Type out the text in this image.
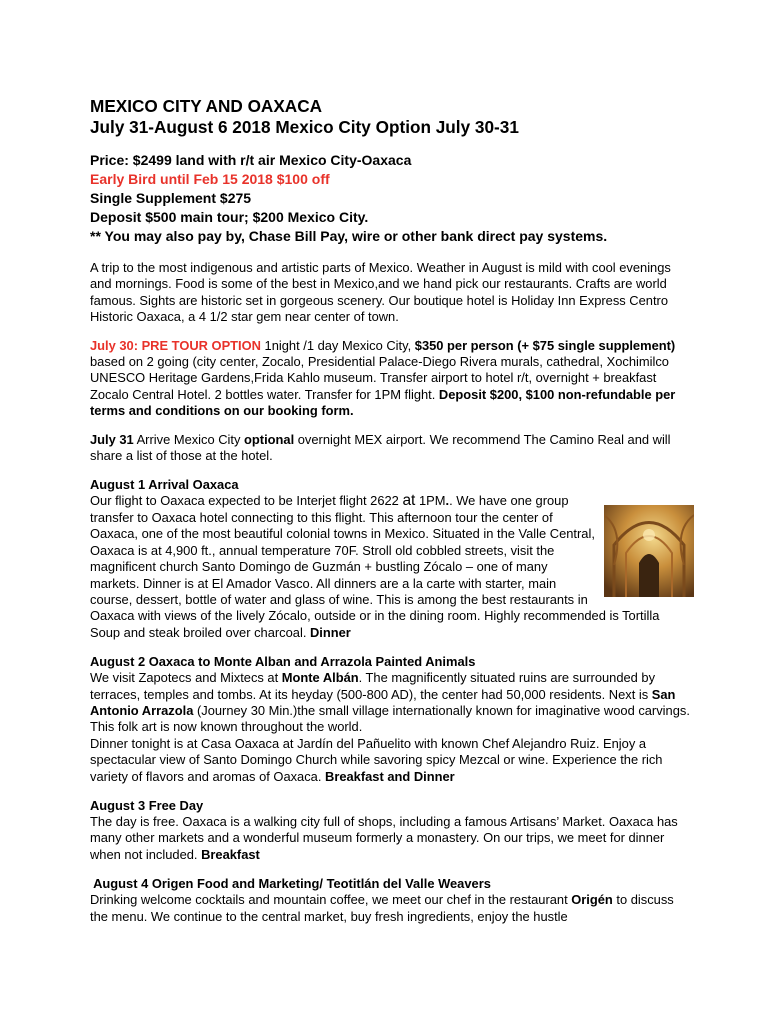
MEXICO CITY AND OAXACA
July 31-August 6 2018 Mexico City Option July 30-31
Price: $2499 land with r/t air Mexico City-Oaxaca
Early Bird until Feb 15 2018 $100 off
Single Supplement $275
Deposit $500 main tour; $200 Mexico City.
** You may also pay by, Chase Bill Pay, wire or other bank direct pay systems.
A trip to the most indigenous and artistic parts of Mexico. Weather in August is mild with cool evenings and mornings. Food is some of the best in Mexico,and we hand pick our restaurants. Crafts are world famous. Sights are historic set in gorgeous scenery. Our boutique hotel is Holiday Inn Express Centro Historic Oaxaca, a 4 1/2 star gem near center of town.
July 30: PRE TOUR OPTION 1night /1 day Mexico City, $350 per person (+ $75 single supplement) based on 2 going (city center, Zocalo, Presidential Palace-Diego Rivera murals, cathedral, Xochimilco UNESCO Heritage Gardens,Frida Kahlo museum. Transfer airport to hotel r/t, overnight + breakfast Zocalo Central Hotel. 2 bottles water. Transfer for 1PM flight. Deposit $200, $100 non-refundable per terms and conditions on our booking form.
July 31 Arrive Mexico City optional overnight MEX airport. We recommend The Camino Real and will share a list of those at the hotel.
August 1 Arrival Oaxaca
Our flight to Oaxaca expected to be Interjet flight 2622 at 1PM.. We have one group transfer to Oaxaca hotel connecting to this flight. This afternoon tour the center of Oaxaca, one of the most beautiful colonial towns in Mexico. Situated in the Valle Central, Oaxaca is at 4,900 ft., annual temperature 70F. Stroll old cobbled streets, visit the magnificent church Santo Domingo de Guzmán + bustling Zócalo – one of many markets. Dinner is at El Amador Vasco. All dinners are a la carte with starter, main course, dessert, bottle of water and glass of wine. This is among the best restaurants in Oaxaca with views of the lively Zócalo, outside or in the dining room. Highly recommended is Tortilla Soup and steak broiled over charcoal. Dinner
August 2 Oaxaca to Monte Alban and Arrazola Painted Animals
We visit Zapotecs and Mixtecs at Monte Albán. The magnificently situated ruins are surrounded by terraces, temples and tombs. At its heyday (500-800 AD), the center had 50,000 residents. Next is San Antonio Arrazola (Journey 30 Min.)the small village internationally known for imaginative wood carvings. This folk art is now known throughout the world.
Dinner tonight is at Casa Oaxaca at Jardín del Pañuelito with known Chef Alejandro Ruiz. Enjoy a spectacular view of Santo Domingo Church while savoring spicy Mezcal or wine. Experience the rich variety of flavors and aromas of Oaxaca. Breakfast and Dinner
August 3 Free Day
The day is free. Oaxaca is a walking city full of shops, including a famous Artisans’ Market. Oaxaca has many other markets and a wonderful museum formerly a monastery. On our trips, we meet for dinner when not included. Breakfast
August 4 Origen Food and Marketing/ Teotitlán del Valle Weavers
Drinking welcome cocktails and mountain coffee, we meet our chef in the restaurant Origén to discuss the menu. We continue to the central market, buy fresh ingredients, enjoy the hustle
